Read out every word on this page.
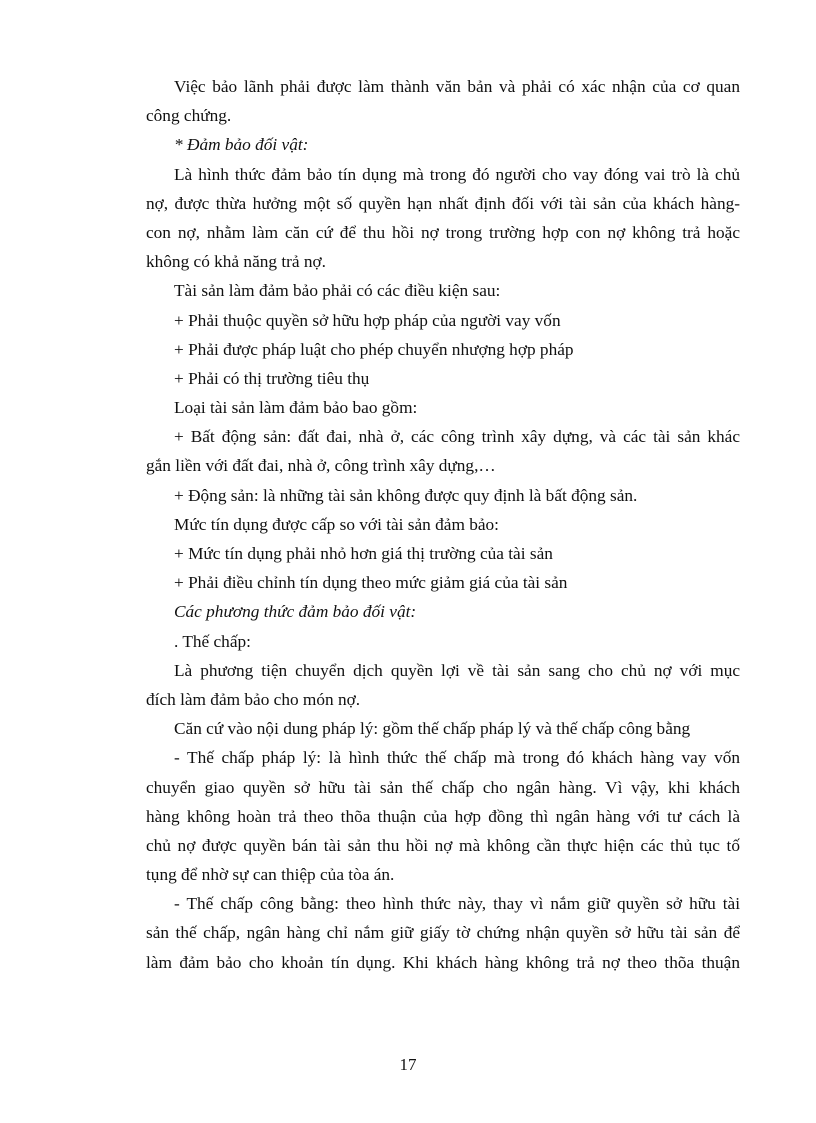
Việc bảo lãnh phải được làm thành văn bản và phải có xác nhận của cơ quan
công chứng.
* Đảm bảo đối vật:
Là hình thức đảm bảo tín dụng mà trong đó người cho vay đóng vai trò là chủ
nợ, được thừa hưởng một số quyền hạn nhất định đối với tài sản của khách hàng-
con nợ, nhằm làm căn cứ để thu hồi nợ trong trường hợp con nợ không trả hoặc
không có khả năng trả nợ.
Tài sản làm đảm bảo phải có các điều kiện sau:
+ Phải thuộc quyền sở hữu hợp pháp của người vay vốn
+ Phải được pháp luật cho phép chuyển nhượng hợp pháp
+ Phải có thị trường tiêu thụ
Loại tài sản làm đảm bảo bao gồm:
+ Bất động sản: đất đai, nhà ở, các công trình xây dựng, và các tài sản khác
gắn liền với đất đai, nhà ở, công trình xây dựng,…
+ Động sản: là những tài sản không được quy định là bất động sản.
Mức tín dụng được cấp so với tài sản đảm bảo:
+ Mức tín dụng phải nhỏ hơn giá thị trường của tài sản
+ Phải điều chỉnh tín dụng theo mức giảm giá của tài sản
Các phương thức đảm bảo đối vật:
. Thế chấp:
Là phương tiện chuyển dịch quyền lợi về tài sản sang cho chủ nợ với mục
đích làm đảm bảo cho món nợ.
Căn cứ vào nội dung pháp lý: gồm thế chấp pháp lý và thế chấp công bằng
- Thế chấp pháp lý: là hình thức thế chấp mà trong đó khách hàng vay vốn
chuyển giao quyền sở hữu tài sản thế chấp cho ngân hàng. Vì vậy, khi khách
hàng không hoàn trả theo thõa thuận của hợp đồng thì ngân hàng với tư cách là
chủ nợ được quyền bán tài sản thu hồi nợ mà không cần thực hiện các thủ tục tố
tụng để nhờ sự can thiệp của tòa án.
- Thế chấp công bằng: theo hình thức này, thay vì nắm giữ quyền sở hữu tài
sản thế chấp, ngân hàng chỉ nắm giữ giấy tờ chứng nhận quyền sở hữu tài sản để
làm đảm bảo cho khoản tín dụng. Khi khách hàng không trả nợ theo thõa thuận
17
